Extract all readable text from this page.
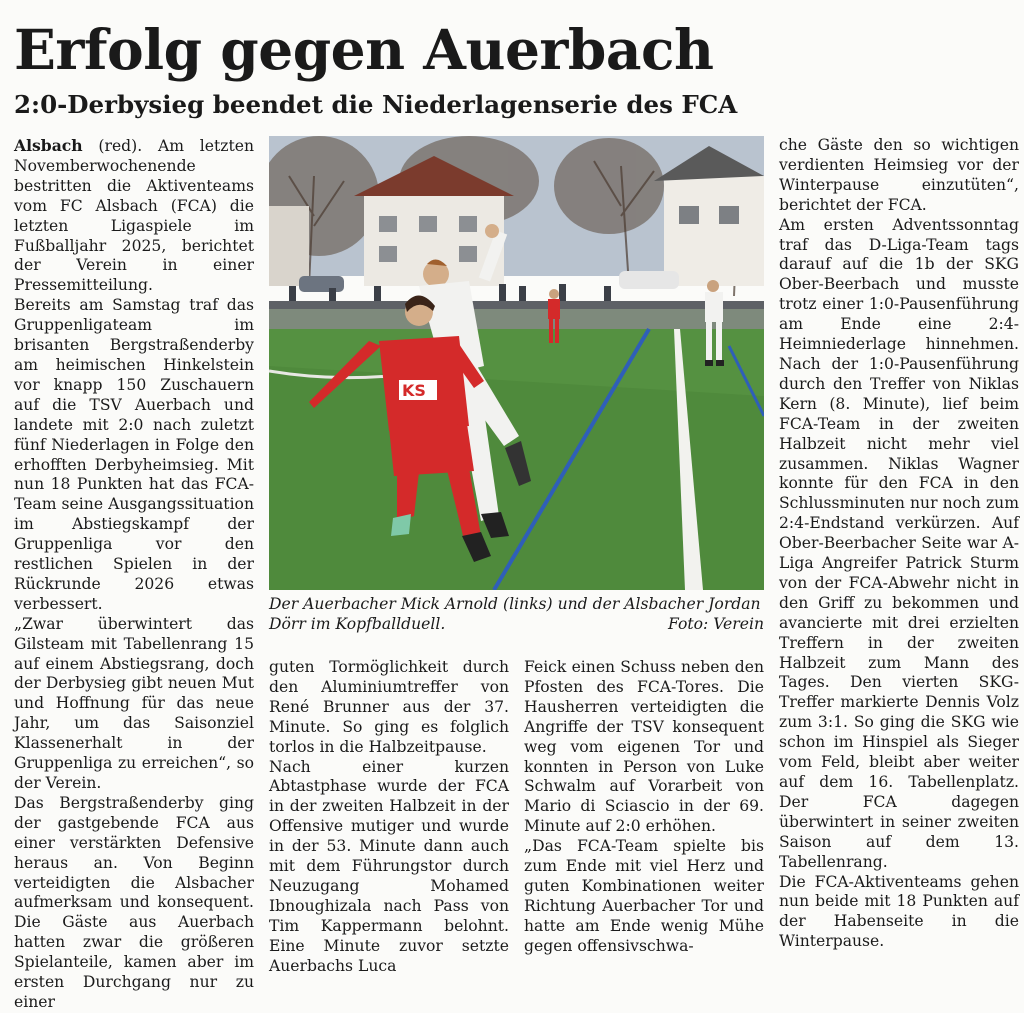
Erfolg gegen Auerbach
2:0-Derbysieg beendet die Niederlagenserie des FCA

Alsbach (red). Am letzten Novemberwochenende bestritten die Aktiventeams vom FC Alsbach (FCA) die letzten Ligaspiele im Fußballjahr 2025, berichtet der Verein in einer Pressemitteilung.

Bereits am Samstag traf das Gruppenligateam im brisanten Bergstraßenderby am heimischen Hinkelstein vor knapp 150 Zuschauern auf die TSV Auerbach und landete mit 2:0 nach zuletzt fünf Niederlagen in Folge den erhofften Derbyheimsieg. Mit nun 18 Punkten hat das FCA-Team seine Ausgangssituation im Abstiegskampf der Gruppenliga vor den restlichen Spielen in der Rückrunde 2026 etwas verbessert.

„Zwar überwintert das Gilsteam mit Tabellenrang 15 auf einem Abstiegsrang, doch der Derbysieg gibt neuen Mut und Hoffnung für das neue Jahr, um das Saisonziel Klassenerhalt in der Gruppenliga zu erreichen“, so der Verein.

Das Bergstraßenderby ging der gastgebende FCA aus einer verstärkten Defensive heraus an. Von Beginn verteidigten die Alsbacher aufmerksam und konsequent. Die Gäste aus Auerbach hatten zwar die größeren Spielanteile, kamen aber im ersten Durchgang nur zu einer

KS
Der Auerbacher Mick Arnold (links) und der Alsbacher Jordan Dörr im Kopfballduell.	Foto: Verein

guten Tormöglichkeit durch den Aluminiumtreffer von René Brunner aus der 37. Minute. So ging es folglich torlos in die Halbzeitpause.

Nach einer kurzen Abtastphase wurde der FCA in der zweiten Halbzeit in der Offensive mutiger und wurde in der 53. Minute dann auch mit dem Führungstor durch Neuzugang Mohamed Ibnoughizala nach Pass von Tim Kappermann belohnt. Eine Minute zuvor setzte Auerbachs Luca

Feick einen Schuss neben den Pfosten des FCA-Tores. Die Hausherren verteidigten die Angriffe der TSV konsequent weg vom eigenen Tor und konnten in Person von Luke Schwalm auf Vorarbeit von Mario di Sciascio in der 69. Minute auf 2:0 erhöhen.

„Das FCA-Team spielte bis zum Ende mit viel Herz und guten Kombinationen weiter Richtung Auerbacher Tor und hatte am Ende wenig Mühe gegen offensivschwa-

che Gäste den so wichtigen verdienten Heimsieg vor der Winterpause einzutüten“, berichtet der FCA.

Am ersten Adventssonntag traf das D-Liga-Team tags darauf auf die 1b der SKG Ober-Beerbach und musste trotz einer 1:0-Pausenführung am Ende eine 2:4-Heimniederlage hinnehmen. Nach der 1:0-Pausenführung durch den Treffer von Niklas Kern (8. Minute), lief beim FCA-Team in der zweiten Halbzeit nicht mehr viel zusammen. Niklas Wagner konnte für den FCA in den Schlussminuten nur noch zum 2:4-Endstand verkürzen. Auf Ober-Beerbacher Seite war A-Liga Angreifer Patrick Sturm von der FCA-Abwehr nicht in den Griff zu bekommen und avancierte mit drei erzielten Treffern in der zweiten Halbzeit zum Mann des Tages. Den vierten SKG-Treffer markierte Dennis Volz zum 3:1. So ging die SKG wie schon im Hinspiel als Sieger vom Feld, bleibt aber weiter auf dem 16. Tabellenplatz. Der FCA dagegen überwintert in seiner zweiten Saison auf dem 13. Tabellenrang.

Die FCA-Aktiventeams gehen nun beide mit 18 Punkten auf der Habenseite in die Winterpause.
